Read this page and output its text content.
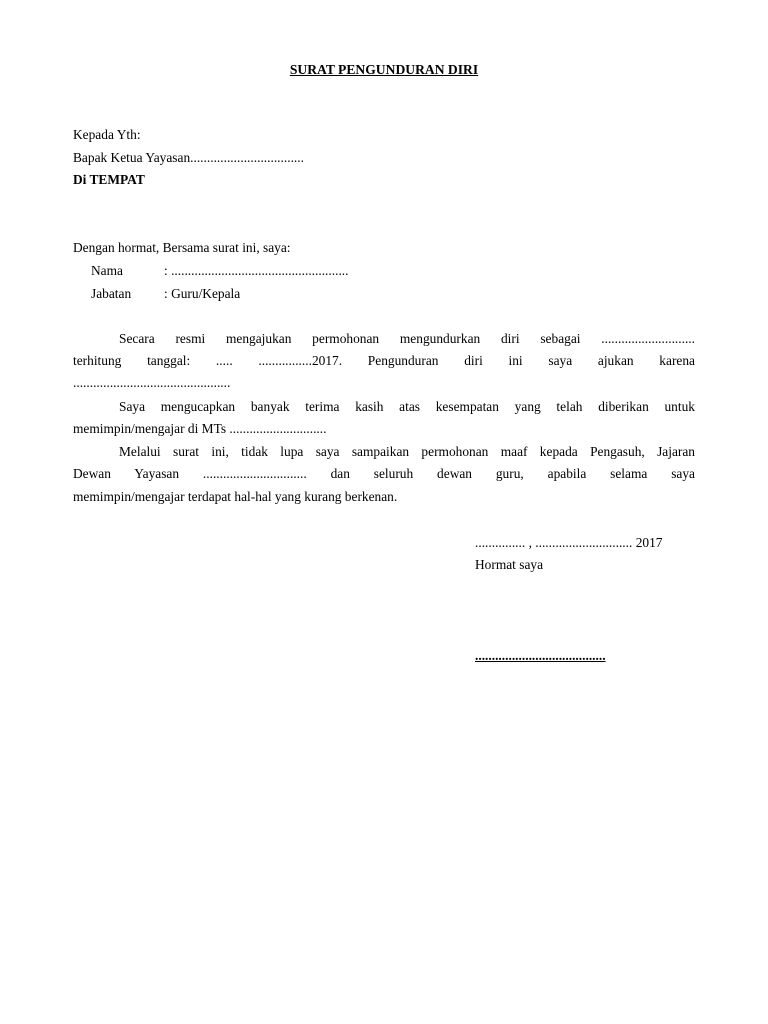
SURAT PENGUNDURAN DIRI
Kepada Yth:
Bapak Ketua Yayasan..................................
Di TEMPAT
Dengan hormat, Bersama surat ini, saya:
Nama	: .....................................................
Jabatan : Guru/Kepala
Secara resmi mengajukan permohonan mengundurkan diri sebagai ............................
terhitung tanggal: ..... ................2017. Pengunduran diri ini saya ajukan karena
...............................................
Saya mengucapkan banyak terima kasih atas kesempatan yang telah diberikan untuk
memimpin/mengajar di MTs .............................
Melalui surat ini, tidak lupa saya sampaikan permohonan maaf kepada Pengasuh, Jajaran
Dewan Yayasan ............................... dan seluruh dewan guru, apabila selama saya
memimpin/mengajar terdapat hal-hal yang kurang berkenan.
............... , ............................. 2017
Hormat saya
.......................................
